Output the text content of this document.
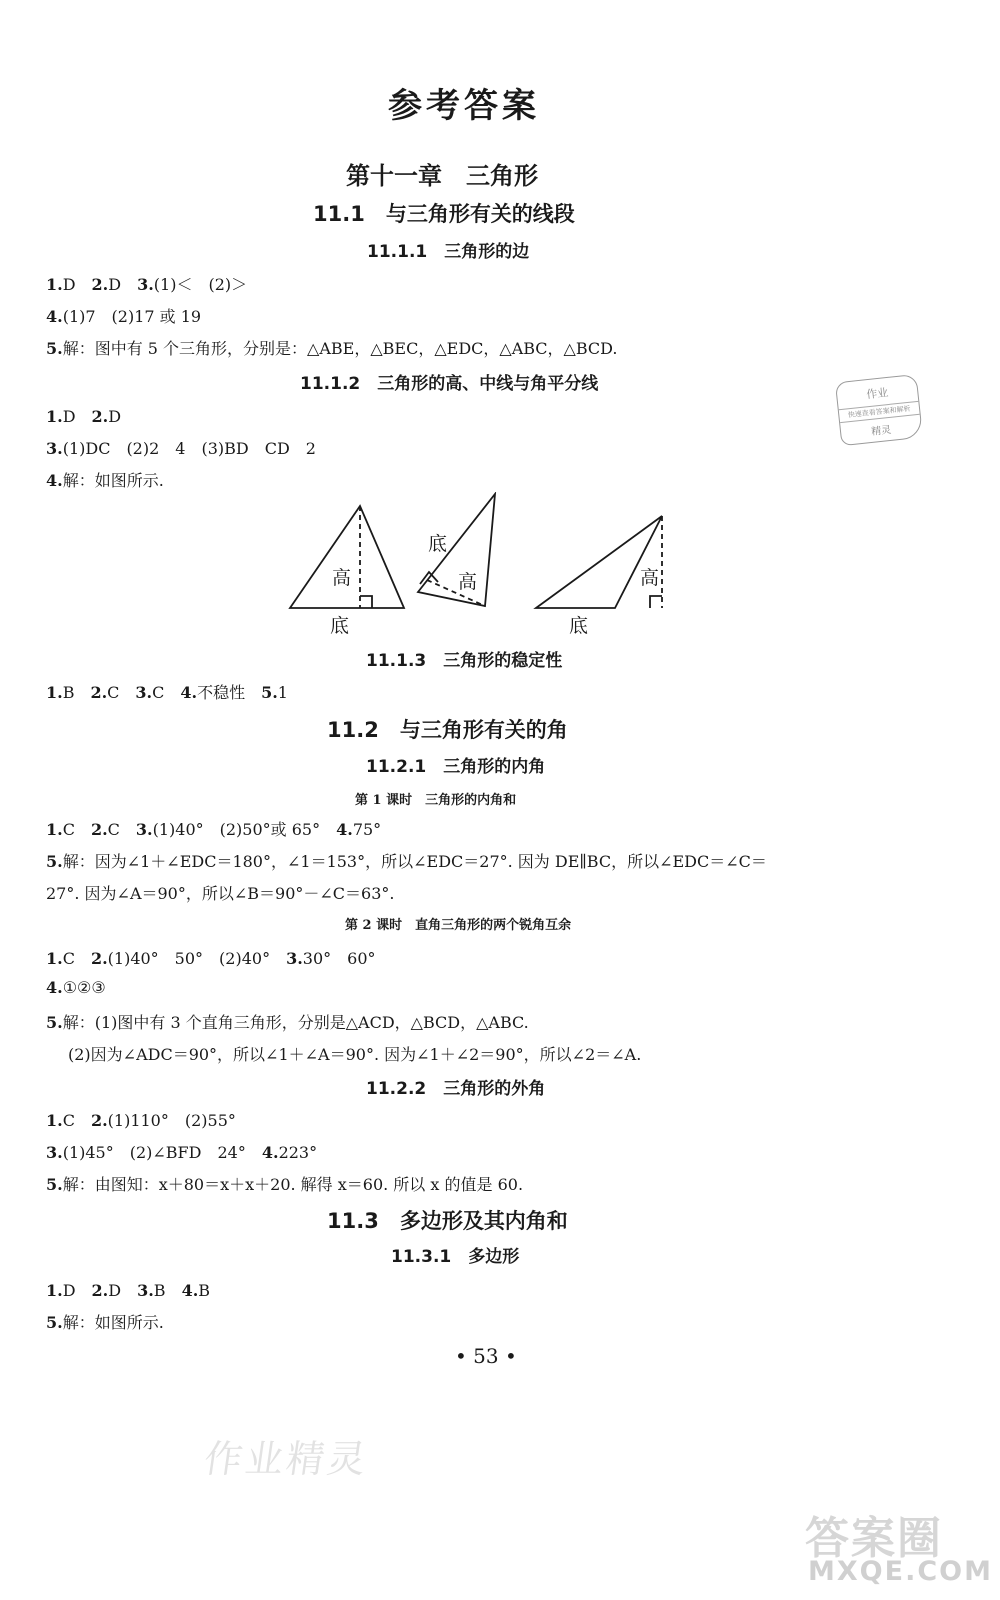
参考答案
第十一章　三角形
11.1　与三角形有关的线段
11.1.1　三角形的边
1.D　2.D　3.(1)＜　(2)＞
4.(1)7　(2)17 或 19
5.解：图中有 5 个三角形，分别是：△ABE，△BEC，△EDC，△ABC，△BCD.
11.1.2　三角形的高、中线与角平分线	作业
快速查看答案和解析
精灵
1.D　2.D
3.(1)DC　(2)2　4　(3)BD　CD　2
4.解：如图所示.
高
底
底
高	高
底
11.1.3　三角形的稳定性
1.B　2.C　3.C　4.不稳性　5.1
11.2　与三角形有关的角
11.2.1　三角形的内角
第 1 课时　三角形的内角和
1.C　2.C　3.(1)40°　(2)50°或 65°　4.75°
5.解：因为∠1＋∠EDC＝180°，∠1＝153°，所以∠EDC＝27°. 因为 DE∥BC，所以∠EDC＝∠C＝
27°. 因为∠A＝90°，所以∠B＝90°－∠C＝63°.
第 2 课时　直角三角形的两个锐角互余
1.C　2.(1)40°　50°　(2)40°　3.30°　60°
4.①②③
5.解：(1)图中有 3 个直角三角形，分别是△ACD，△BCD，△ABC.
(2)因为∠ADC＝90°，所以∠1＋∠A＝90°. 因为∠1＋∠2＝90°，所以∠2＝∠A.
11.2.2　三角形的外角
1.C　2.(1)110°　(2)55°
3.(1)45°　(2)∠BFD　24°　4.223°
5.解：由图知：x＋80＝x＋x＋20. 解得 x＝60. 所以 x 的值是 60.
11.3　多边形及其内角和
11.3.1　多边形
1.D　2.D　3.B　4.B
5.解：如图所示.
• 53 •
作业精灵
答案圈
MXQE.COM
